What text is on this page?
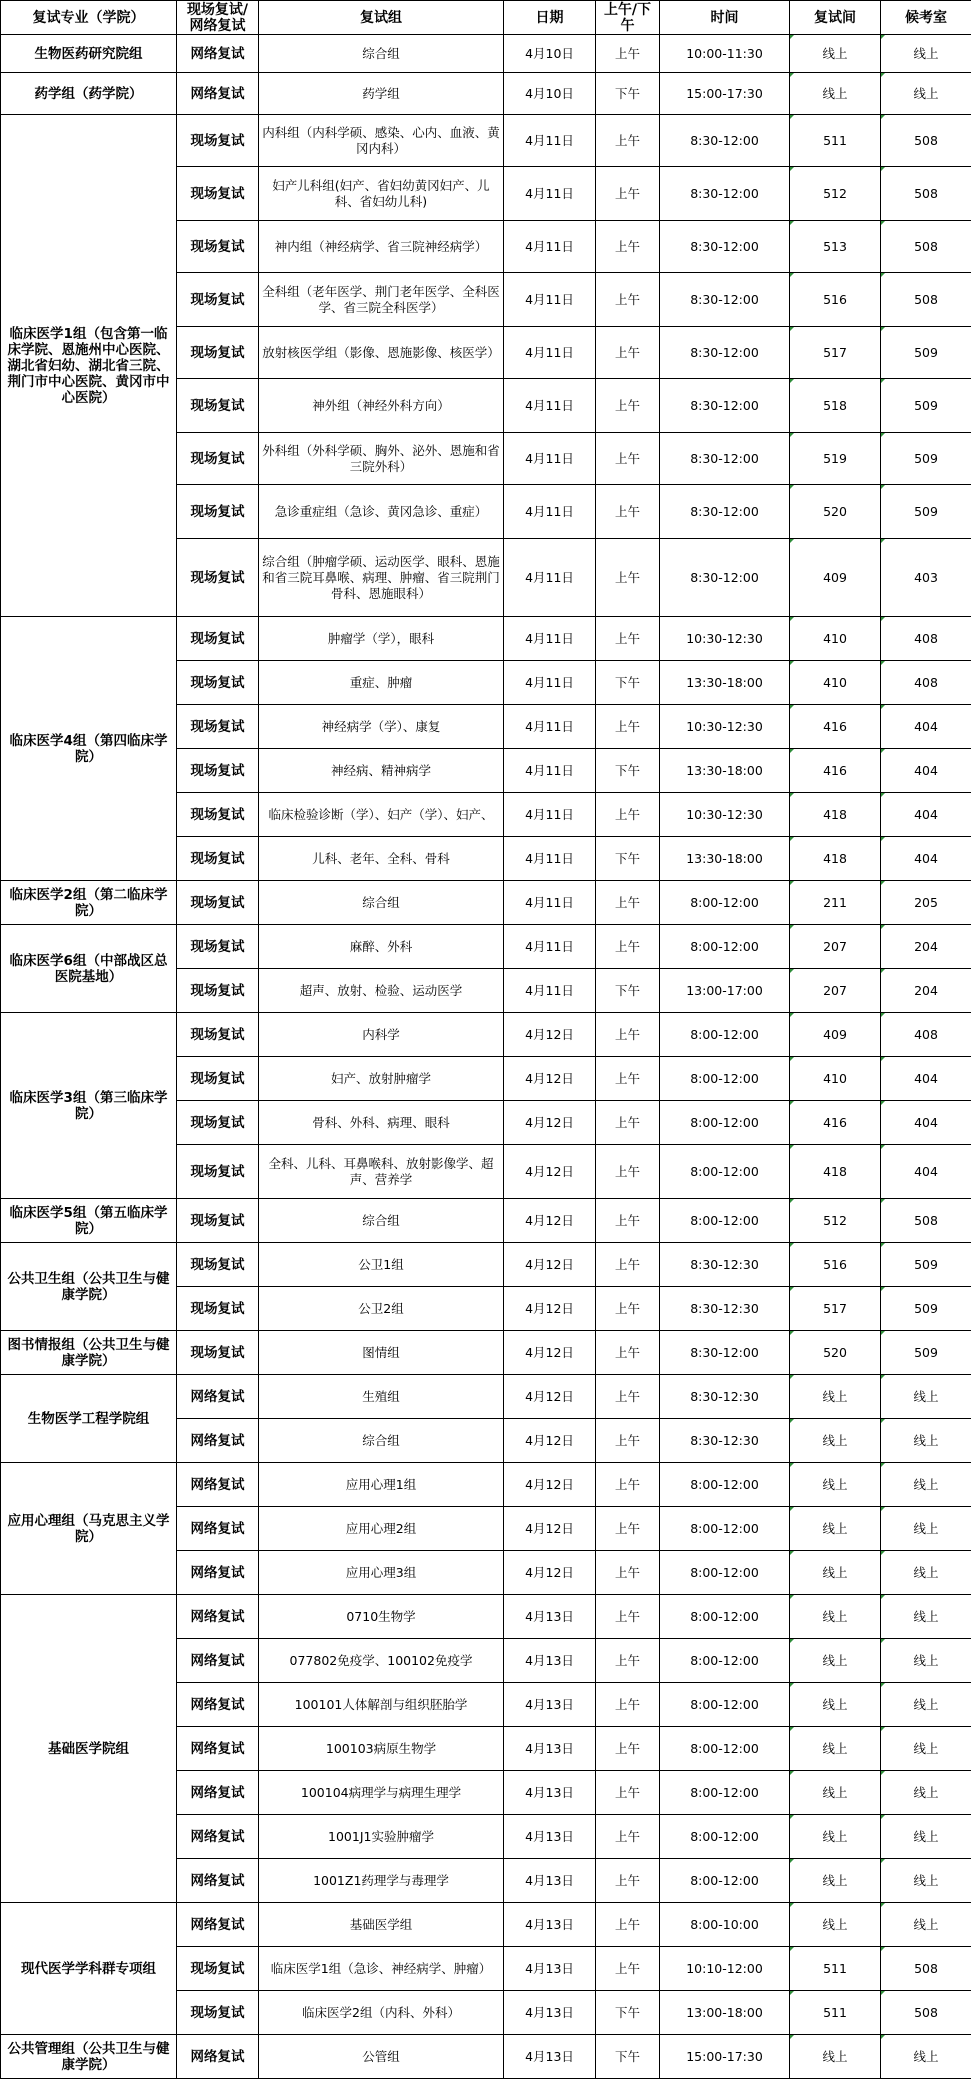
复试专业（学院）	现场复试/网络复试	复试组	日期	上午/下午	时间	复试间	候考室
生物医药研究院组	网络复试	综合组	4月10日	上午	10:00-11:30	线上	线上
药学组（药学院）	网络复试	药学组	4月10日	下午	15:00-17:30	线上	线上
临床医学1组（包含第一临床学院、恩施州中心医院、湖北省妇幼、湖北省三院、荆门市中心医院、黄冈市中心医院）	现场复试	内科组（内科学硕、感染、心内、血液、黄冈内科）	4月11日	上午	8:30-12:00	511	508
	现场复试	妇产儿科组(妇产、省妇幼黄冈妇产、儿科、省妇幼儿科)	4月11日	上午	8:30-12:00	512	508
	现场复试	神内组（神经病学、省三院神经病学）	4月11日	上午	8:30-12:00	513	508
	现场复试	全科组（老年医学、荆门老年医学、全科医学、省三院全科医学）	4月11日	上午	8:30-12:00	516	508
	现场复试	放射核医学组（影像、恩施影像、核医学）	4月11日	上午	8:30-12:00	517	509
	现场复试	神外组（神经外科方向）	4月11日	上午	8:30-12:00	518	509
	现场复试	外科组（外科学硕、胸外、泌外、恩施和省三院外科）	4月11日	上午	8:30-12:00	519	509
	现场复试	急诊重症组（急诊、黄冈急诊、重症）	4月11日	上午	8:30-12:00	520	509
	现场复试	综合组（肿瘤学硕、运动医学、眼科、恩施和省三院耳鼻喉、病理、肿瘤、省三院荆门骨科、恩施眼科）	4月11日	上午	8:30-12:00	409	403
临床医学4组（第四临床学院）	现场复试	肿瘤学（学），眼科	4月11日	上午	10:30-12:30	410	408
	现场复试	重症、肿瘤	4月11日	下午	13:30-18:00	410	408
	现场复试	神经病学（学）、康复	4月11日	上午	10:30-12:30	416	404
	现场复试	神经病、精神病学	4月11日	下午	13:30-18:00	416	404
	现场复试	临床检验诊断（学）、妇产（学）、妇产、	4月11日	上午	10:30-12:30	418	404
	现场复试	儿科、老年、全科、骨科	4月11日	下午	13:30-18:00	418	404
临床医学2组（第二临床学院）	现场复试	综合组	4月11日	上午	8:00-12:00	211	205
临床医学6组（中部战区总医院基地）	现场复试	麻醉、外科	4月11日	上午	8:00-12:00	207	204
	现场复试	超声、放射、检验、运动医学	4月11日	下午	13:00-17:00	207	204
临床医学3组（第三临床学院）	现场复试	内科学	4月12日	上午	8:00-12:00	409	408
	现场复试	妇产、放射肿瘤学	4月12日	上午	8:00-12:00	410	404
	现场复试	骨科、外科、病理、眼科	4月12日	上午	8:00-12:00	416	404
	现场复试	全科、儿科、耳鼻喉科、放射影像学、超声、营养学	4月12日	上午	8:00-12:00	418	404
临床医学5组（第五临床学院）	现场复试	综合组	4月12日	上午	8:00-12:00	512	508
公共卫生组（公共卫生与健康学院）	现场复试	公卫1组	4月12日	上午	8:30-12:30	516	509
	现场复试	公卫2组	4月12日	上午	8:30-12:30	517	509
图书情报组（公共卫生与健康学院）	现场复试	图情组	4月12日	上午	8:30-12:00	520	509
生物医学工程学院组	网络复试	生殖组	4月12日	上午	8:30-12:30	线上	线上
	网络复试	综合组	4月12日	上午	8:30-12:30	线上	线上
应用心理组（马克思主义学院）	网络复试	应用心理1组	4月12日	上午	8:00-12:00	线上	线上
	网络复试	应用心理2组	4月12日	上午	8:00-12:00	线上	线上
	网络复试	应用心理3组	4月12日	上午	8:00-12:00	线上	线上
基础医学院组	网络复试	0710生物学	4月13日	上午	8:00-12:00	线上	线上
	网络复试	077802免疫学、100102免疫学	4月13日	上午	8:00-12:00	线上	线上
	网络复试	100101人体解剖与组织胚胎学	4月13日	上午	8:00-12:00	线上	线上
	网络复试	100103病原生物学	4月13日	上午	8:00-12:00	线上	线上
	网络复试	100104病理学与病理生理学	4月13日	上午	8:00-12:00	线上	线上
	网络复试	1001J1实验肿瘤学	4月13日	上午	8:00-12:00	线上	线上
	网络复试	1001Z1药理学与毒理学	4月13日	上午	8:00-12:00	线上	线上
现代医学学科群专项组	网络复试	基础医学组	4月13日	上午	8:00-10:00	线上	线上
	现场复试	临床医学1组（急诊、神经病学、肿瘤）	4月13日	上午	10:10-12:00	511	508
	现场复试	临床医学2组（内科、外科）	4月13日	下午	13:00-18:00	511	508
公共管理组（公共卫生与健康学院）	网络复试	公管组	4月13日	下午	15:00-17:30	线上	线上
